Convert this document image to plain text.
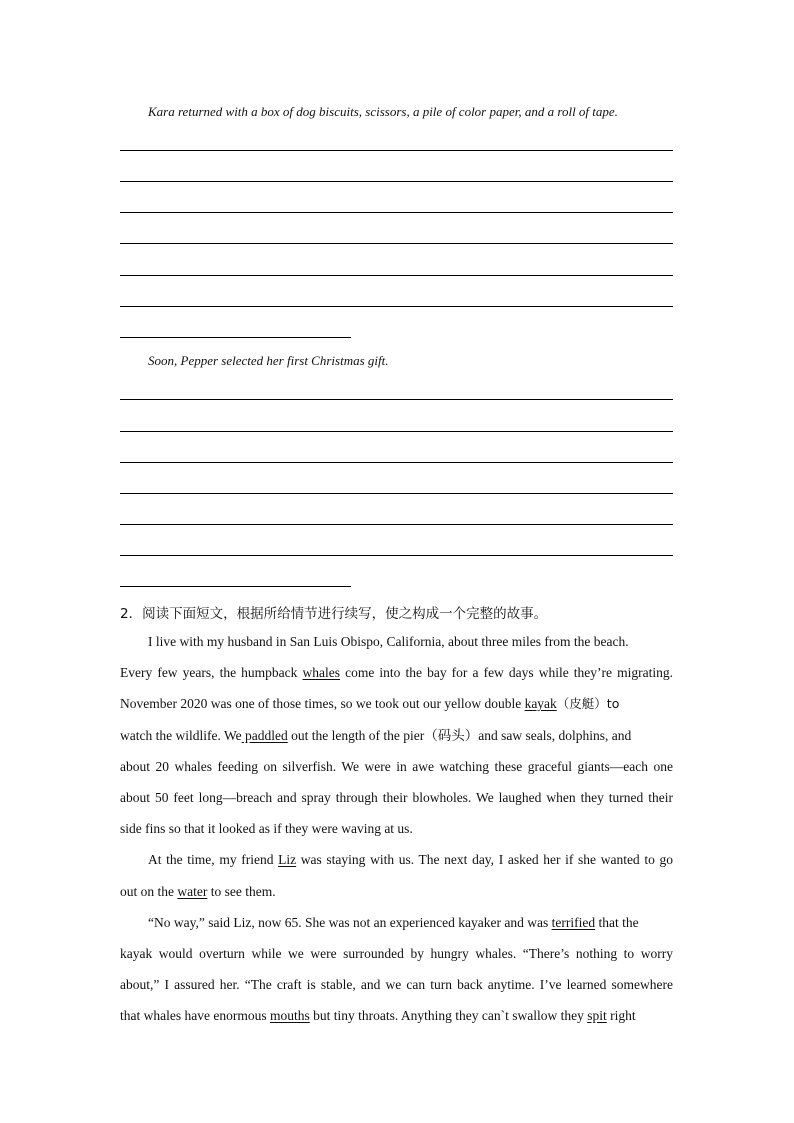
Kara returned with a box of dog biscuits, scissors, a pile of color paper, and a roll of tape.
Soon, Pepper selected her first Christmas gift.
2．阅读下面短文，根据所给情节进行续写，使之构成一个完整的故事。
I live with my husband in San Luis Obispo, California, about three miles from the beach.
Every few years, the humpback whales come into the bay for a few days while they’re migrating.
November 2020 was one of those times, so we took out our yellow double kayak（皮艇）to
watch the wildlife. We paddled out the length of the pier（码头）and saw seals, dolphins, and
about 20 whales feeding on silverfish. We were in awe watching these graceful giants—each one
about 50 feet long—breach and spray through their blowholes. We laughed when they turned their
side fins so that it looked as if they were waving at us.
At the time, my friend Liz was staying with us. The next day, I asked her if she wanted to go
out on the water to see them.
“No way,” said Liz, now 65. She was not an experienced kayaker and was terrified that the
kayak would overturn while we were surrounded by hungry whales. “There’s nothing to worry
about,” I assured her. “The craft is stable, and we can turn back anytime. I’ve learned somewhere
that whales have enormous mouths but tiny throats. Anything they can`t swallow they spit right
